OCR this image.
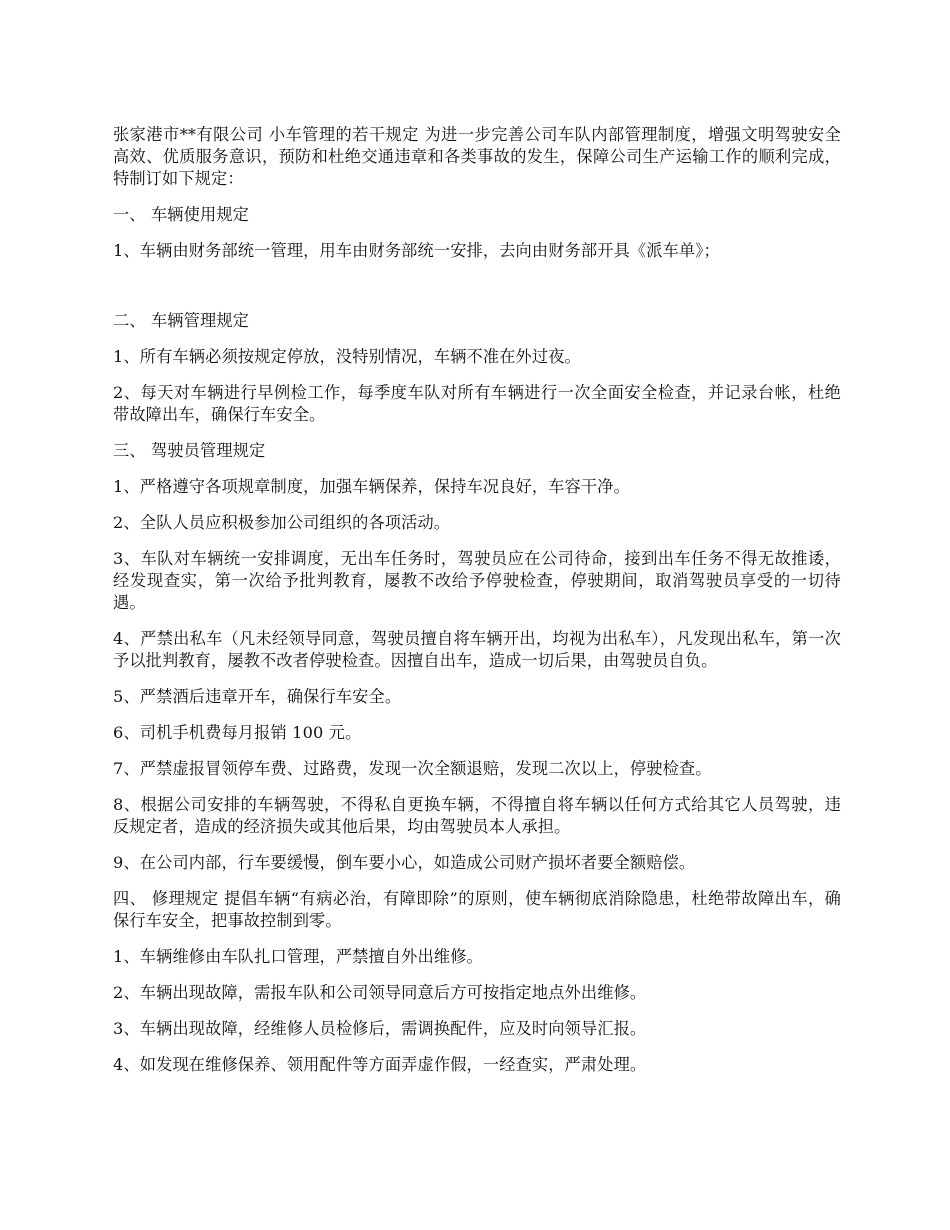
张家港市**有限公司 小车管理的若干规定 为进一步完善公司车队内部管理制度，增强文明驾驶安全高效、优质服务意识，预防和杜绝交通违章和各类事故的发生，保障公司生产运输工作的顺利完成，特制订如下规定：

一、 车辆使用规定

1、车辆由财务部统一管理，用车由财务部统一安排，去向由财务部开具《派车单》；

二、 车辆管理规定

1、所有车辆必须按规定停放，没特别情况，车辆不准在外过夜。

2、每天对车辆进行早例检工作，每季度车队对所有车辆进行一次全面安全检查，并记录台帐，杜绝带故障出车，确保行车安全。

三、 驾驶员管理规定

1、严格遵守各项规章制度，加强车辆保养，保持车况良好，车容干净。

2、全队人员应积极参加公司组织的各项活动。

3、车队对车辆统一安排调度，无出车任务时，驾驶员应在公司待命，接到出车任务不得无故推诿，经发现查实，第一次给予批判教育，屡教不改给予停驶检查，停驶期间，取消驾驶员享受的一切待遇。

4、严禁出私车（凡未经领导同意，驾驶员擅自将车辆开出，均视为出私车），凡发现出私车，第一次予以批判教育，屡教不改者停驶检查。因擅自出车，造成一切后果，由驾驶员自负。

5、严禁酒后违章开车，确保行车安全。

6、司机手机费每月报销 100 元。

7、严禁虚报冒领停车费、过路费，发现一次全额退赔，发现二次以上，停驶检查。

8、根据公司安排的车辆驾驶，不得私自更换车辆，不得擅自将车辆以任何方式给其它人员驾驶，违反规定者，造成的经济损失或其他后果，均由驾驶员本人承担。

9、在公司内部，行车要缓慢，倒车要小心，如造成公司财产损坏者要全额赔偿。

四、 修理规定 提倡车辆“有病必治，有障即除”的原则，使车辆彻底消除隐患，杜绝带故障出车，确保行车安全，把事故控制到零。

1、车辆维修由车队扎口管理，严禁擅自外出维修。

2、车辆出现故障，需报车队和公司领导同意后方可按指定地点外出维修。

3、车辆出现故障，经维修人员检修后，需调换配件，应及时向领导汇报。

4、如发现在维修保养、领用配件等方面弄虚作假，一经查实，严肃处理。
